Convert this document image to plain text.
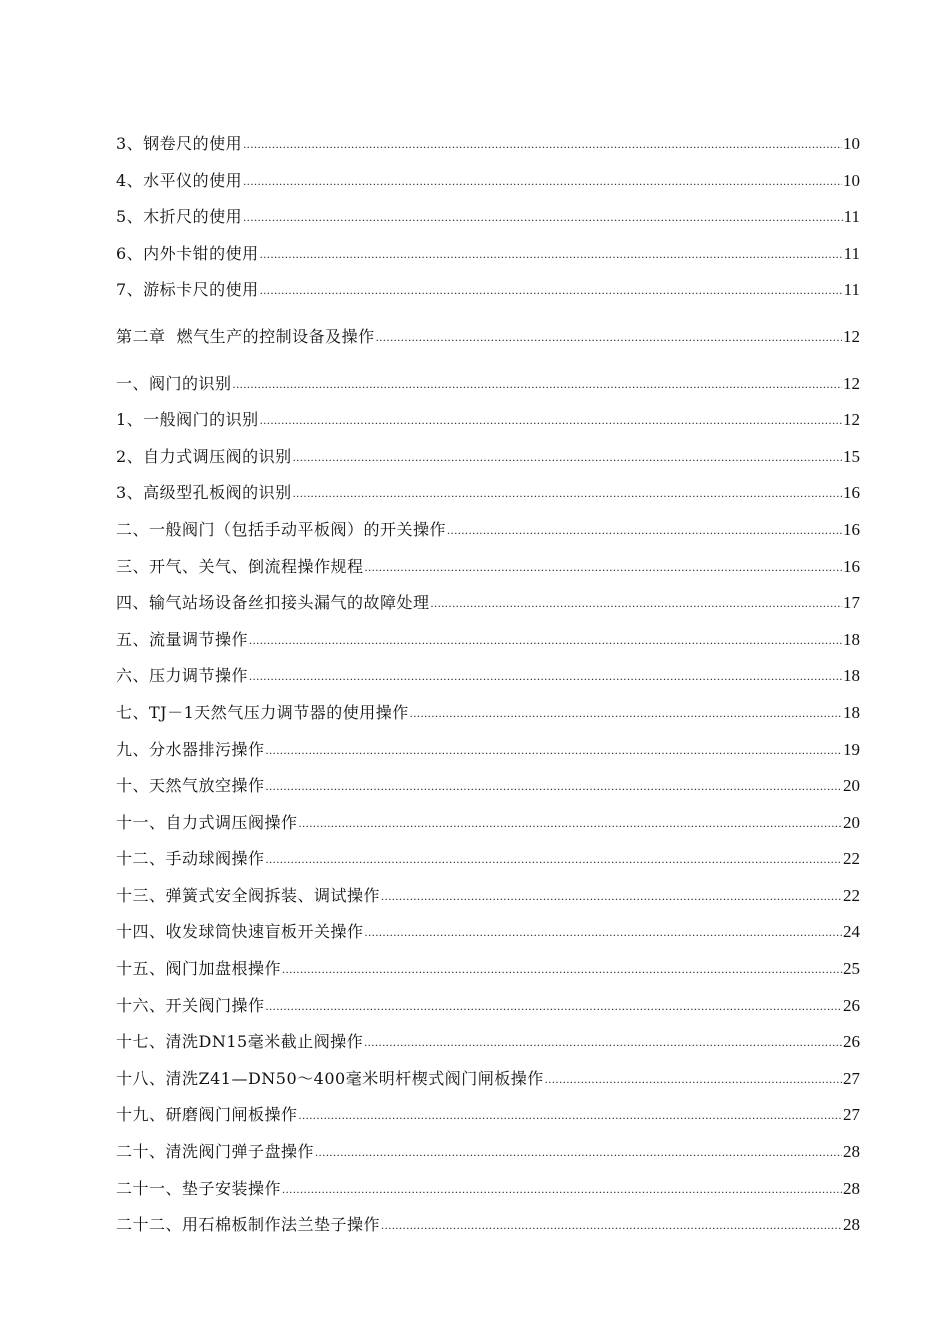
3、钢卷尺的使用 .....	10
4、水平仪的使用 .....	10
5、木折尺的使用 .....	11
6、内外卡钳的使用 .....	11
7、游标卡尺的使用 .....	11
第二章  燃气生产的控制设备及操作 .....	12
一、阀门的识别 .....	12
1、一般阀门的识别 .....	12
2、自力式调压阀的识别 .....	15
3、高级型孔板阀的识别 .....	16
二、一般阀门（包括手动平板阀）的开关操作 .....	16
三、开气、关气、倒流程操作规程 .....	16
四、输气站场设备丝扣接头漏气的故障处理 .....	17
五、流量调节操作 .....	18
六、压力调节操作 .....	18
七、TJ－1天然气压力调节器的使用操作 .....	18
九、分水器排污操作 .....	19
十、天然气放空操作 .....	20
十一、自力式调压阀操作 .....	20
十二、手动球阀操作 .....	22
十三、弹簧式安全阀拆装、调试操作 .....	22
十四、收发球筒快速盲板开关操作 .....	24
十五、阀门加盘根操作 .....	25
十六、开关阀门操作 .....	26
十七、清洗DN15毫米截止阀操作 .....	26
十八、清洗Z41—DN50～400毫米明杆楔式阀门闸板操作 .....	27
十九、研磨阀门闸板操作 .....	27
二十、清洗阀门弹子盘操作 .....	28
二十一、垫子安装操作 .....	28
二十二、用石棉板制作法兰垫子操作 .....	28
